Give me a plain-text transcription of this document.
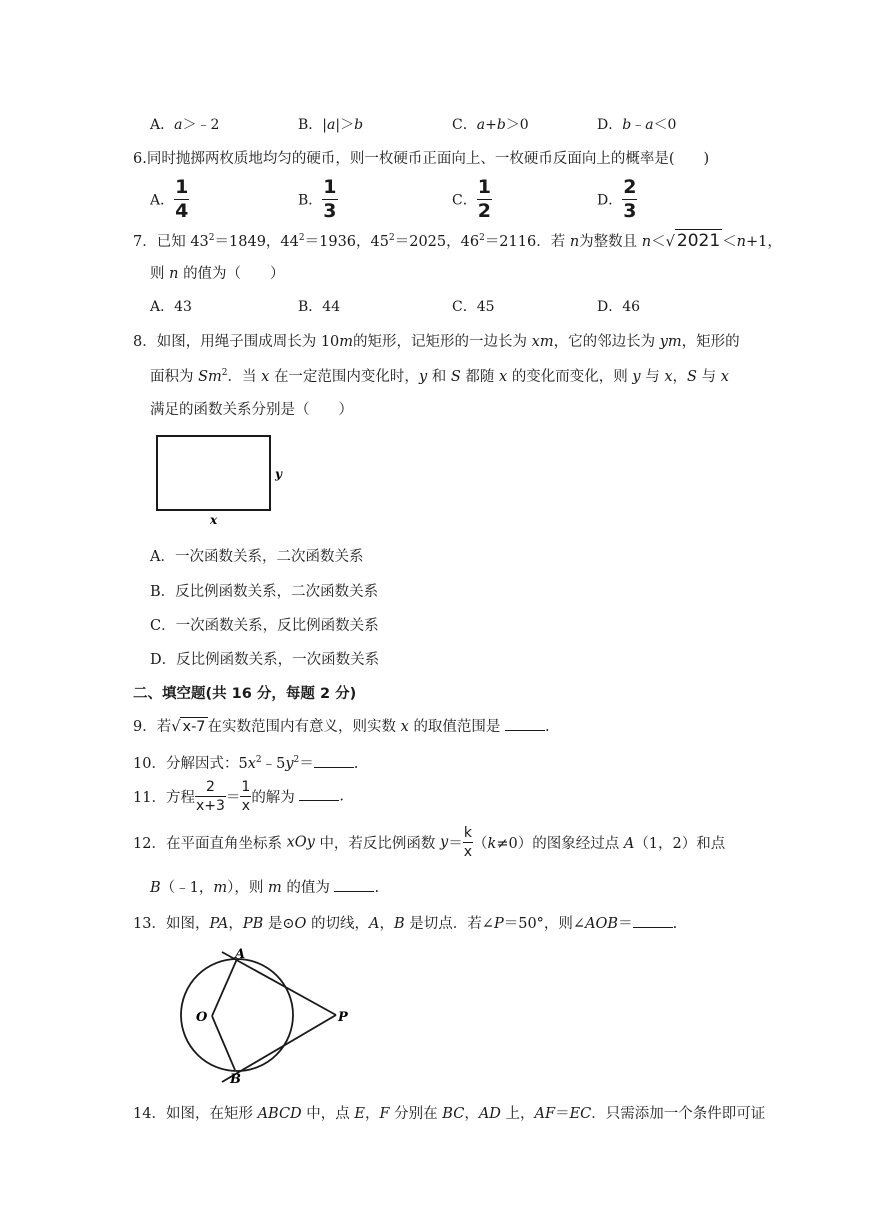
A．a＞﹣2	B．|a|＞b	C．a+b＞0	D．b﹣a＜0
6.同时抛掷两枚质地均匀的硬币，则一枚硬币正面向上、一枚硬币反面向上的概率是(　　)
A． $\frac{1}{4}$	B． $\frac{1}{3}$	C． $\frac{1}{2}$	D． $\frac{2}{3}$
7．已知 $43^2=1849$，$44^2=1936$，$45^2=2025$，$46^2=2116$．若 n为整数且 n＜√ 2021 ＜n+1，
则 n 的值为（　　）
A．43	B．44	C．45	D．46
8．如图，用绳子围成周长为 10m的矩形，记矩形的一边长为 xm，它的邻边长为 ym，矩形的
面积为 Sm$^2$．当 x 在一定范围内变化时，y 和 S 都随 x 的变化而变化，则 y 与 x，S 与 x
满足的函数关系分别是（　　）
x
y
A．一次函数关系，二次函数关系
B．反比例函数关系，二次函数关系
C．一次函数关系，反比例函数关系
D．反比例函数关系，一次函数关系
二、填空题(共 16 分，每题 2 分)
9．若√ x-7 在实数范围内有意义，则实数 x 的取值范围是	.
10．分解因式：$5x^2﹣5y^2=$	.
11．方程 $\frac{2}{x+3} = \frac{1}{x}$ 的解为	.
12．在平面直角坐标系 xOy 中，若反比例函数 $y= \frac{k}{x} (k\ne 0)$的图象经过点 A（1，2）和点
B（﹣1，m），则 m 的值为	.
13．如图，PA，PB 是⊙O 的切线，A，B 是切点．若∠P＝50°，则∠AOB＝	.
A
B
O	P
14．如图，在矩形 ABCD 中，点 E，F 分别在 BC，AD 上，AF＝EC．只需添加一个条件即可证
